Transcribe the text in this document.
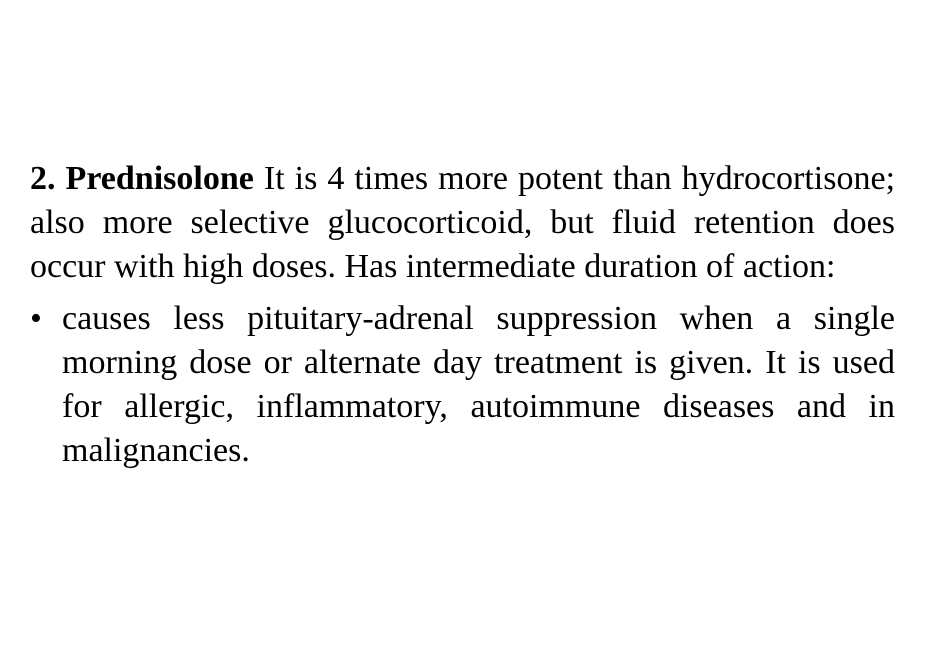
2. Prednisolone It is 4 times more potent than hydrocortisone; also more selective glucocorticoid, but fluid retention does occur with high doses. Has intermediate duration of action:

• causes less pituitary-adrenal suppression when a single morning dose or alternate day treatment is given. It is used for allergic, inflammatory, autoimmune diseases and in malignancies.
